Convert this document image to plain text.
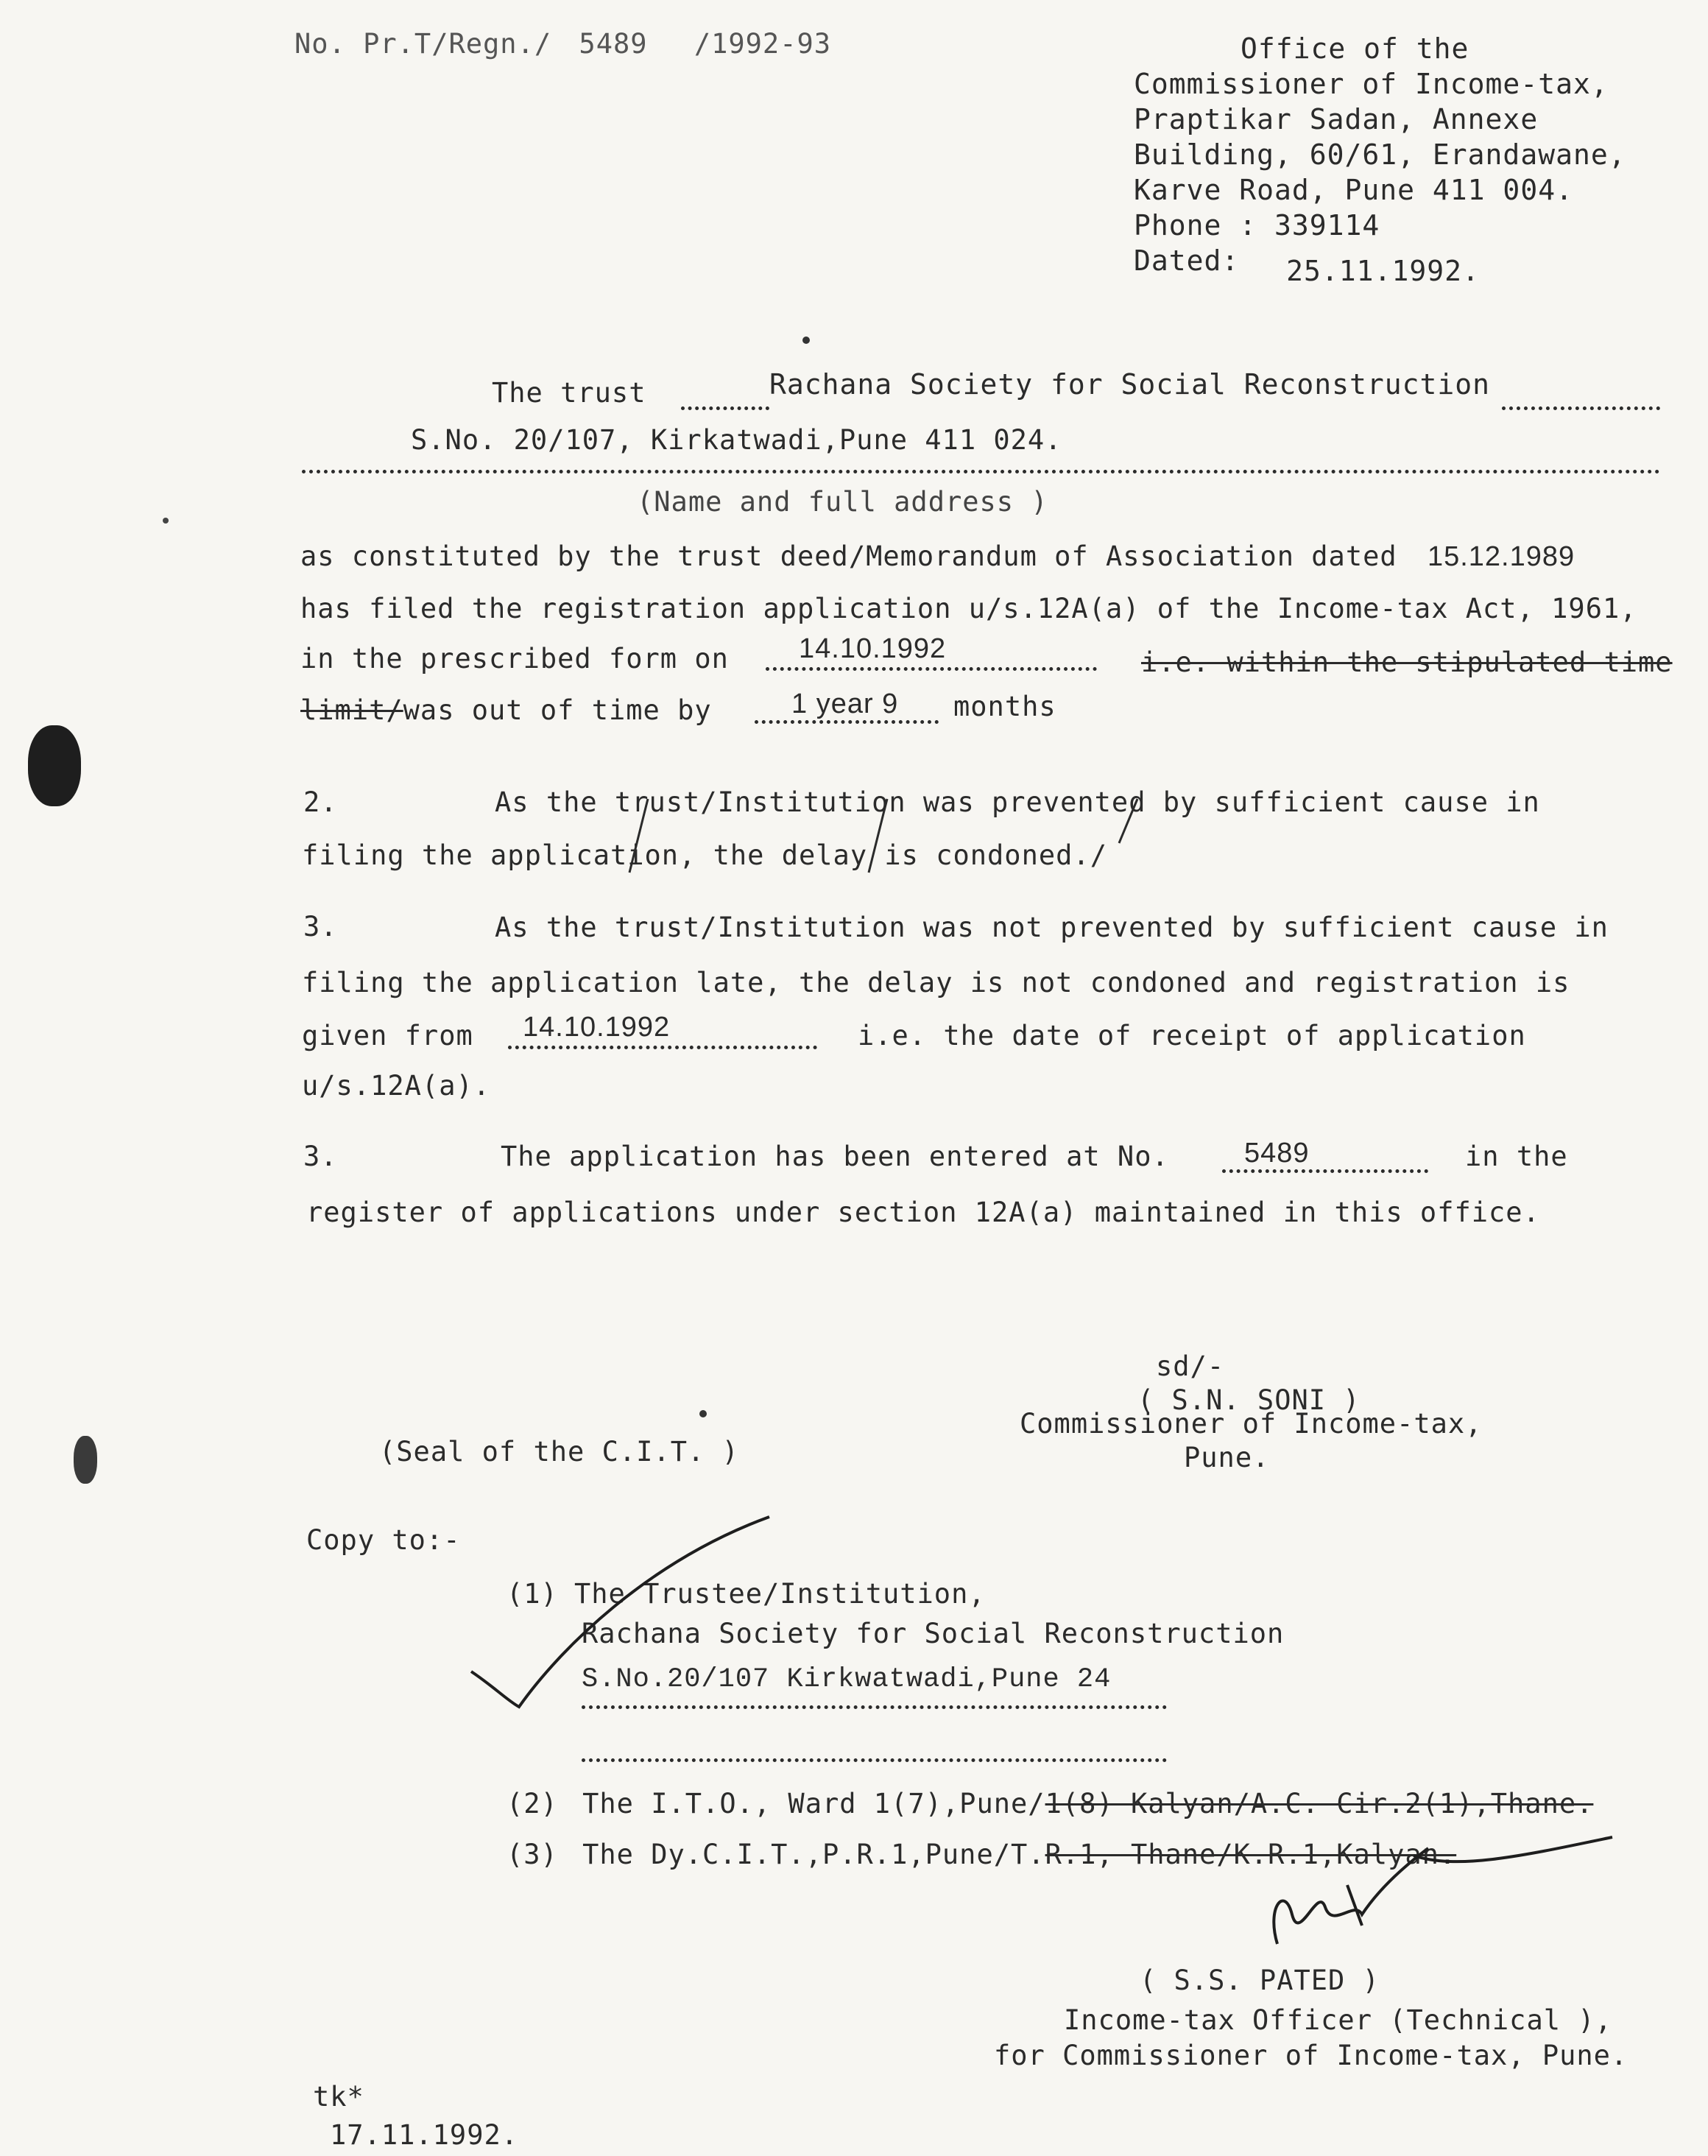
No. Pr.T/Regn./ 5489 /1992-93	Office of the
Commissioner of Income-tax,
Praptikar Sadan, Annexe
Building, 60/61, Erandawane,
Karve Road, Pune 411 004.
Phone : 339114
Dated: 25.11.1992.
The trust	Rachana Society for Social Reconstruction
S.No. 20/107, Kirkatwadi,Pune 411 024.
(Name and full address )
as constituted by the trust deed/Memorandum of Association dated 15.12.1989
has filed the registration application u/s.12A(a) of the Income-tax Act, 1961,
in the prescribed form on	14.10.1992	i.e. within the stipulated time
limit/was out of time by	1 year 9 months
2.	As the trust/Institution was prevented by sufficient cause in
filing the application, the delay is condoned./
3.	As the trust/Institution was not prevented by sufficient cause in
filing the application late, the delay is not condoned and registration is
given from 14.10.1992	i.e. the date of receipt of application
u/s.12A(a).
3.	The application has been entered at No.	5489	in the
register of applications under section 12A(a) maintained in this office.
sd/-
( S.N. SONI )
Commissioner of Income-tax,
Pune.
(Seal of the C.I.T. )
Copy to:-
(1) The Trustee/Institution,
Rachana Society for Social Reconstruction
S.No.20/107 Kirkwatwadi,Pune 24
(2) The I.T.O., Ward 1(7),Pune/1(8) Kalyan/A.C. Cir.2(1),Thane.
(3) The Dy.C.I.T.,P.R.1,Pune/T.R.1, Thane/K.R.1,Kalyan.
( S.S. PATED )
Income-tax Officer (Technical ),
for Commissioner of Income-tax, Pune.
tk*
17.11.1992.
